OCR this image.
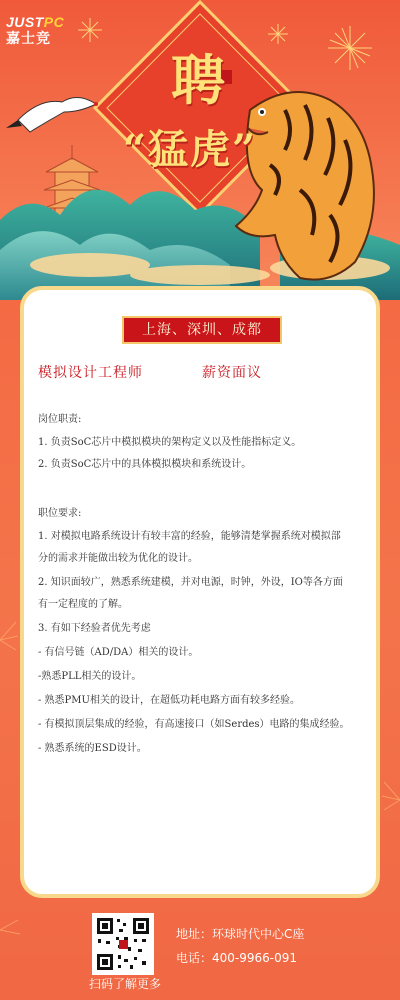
JUSTPC
嘉士竞
聘
“猛虎”
上海、深圳、成都
模拟设计工程师	薪资面议
岗位职责:
1. 负责SoC芯片中模拟模块的架构定义以及性能指标定义。
2. 负责SoC芯片中的具体模拟模块和系统设计。
职位要求:
1. 对模拟电路系统设计有较丰富的经验，能够清楚掌握系统对模拟部
分的需求并能做出较为优化的设计。
2. 知识面较广，熟悉系统建模，并对电源，时钟，外设，IO等各方面
有一定程度的了解。
3. 有如下经验者优先考虑
- 有信号链（AD/DA）相关的设计。
-熟悉PLL相关的设计。
- 熟悉PMU相关的设计，在超低功耗电路方面有较多经验。
- 有模拟顶层集成的经验，有高速接口（如Serdes）电路的集成经验。
- 熟悉系统的ESD设计。
扫码了解更多
地址：环球时代中心C座
电话：400-9966-091
